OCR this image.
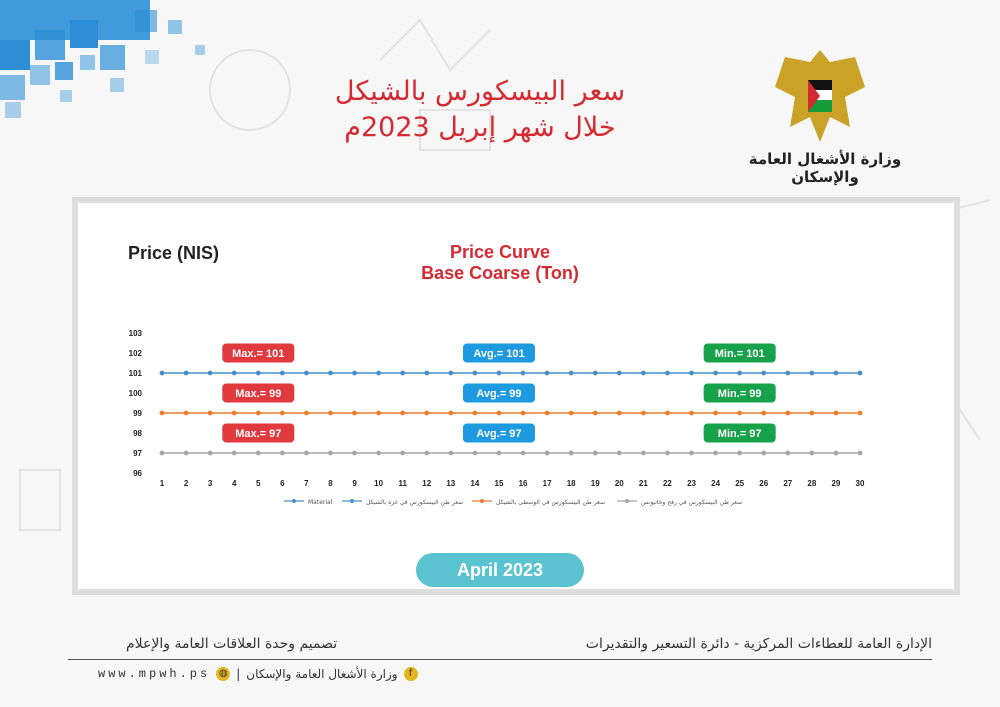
سعر البيسكورس بالشيكل
خلال شهر إبريل 2023م
وزارة الأشغال العامة والإسكان
Price (NIS)	Price Curve
Base Coarse (Ton)
96
97
98
99
100
101
102
103
1 2 3 4 5 6 7 8 9 10 11 12 13 14 15 16 17 18 19 20 21 22 23 24 25 26 27 28 29 30
Max.= 101	Avg.= 101	Min.= 101
Max.= 99	Avg.= 99	Min.= 99
Max.= 97	Avg.= 97	Min.= 97
Material	سعر طن البيسكورس في غزة بالشيكل	سعر طن البيسكورس في الوسطى بالشيكل	سعر طن البيسكورس في رفح وخانيونس
April 2023
الإدارة العامة للعطاءات المركزية - دائرة التسعير والتقديرات
تصميم وحدة العلاقات العامة والإعلام
www.mpwh.ps ◍ | وزارة الأشغال العامة والإسكان	f
